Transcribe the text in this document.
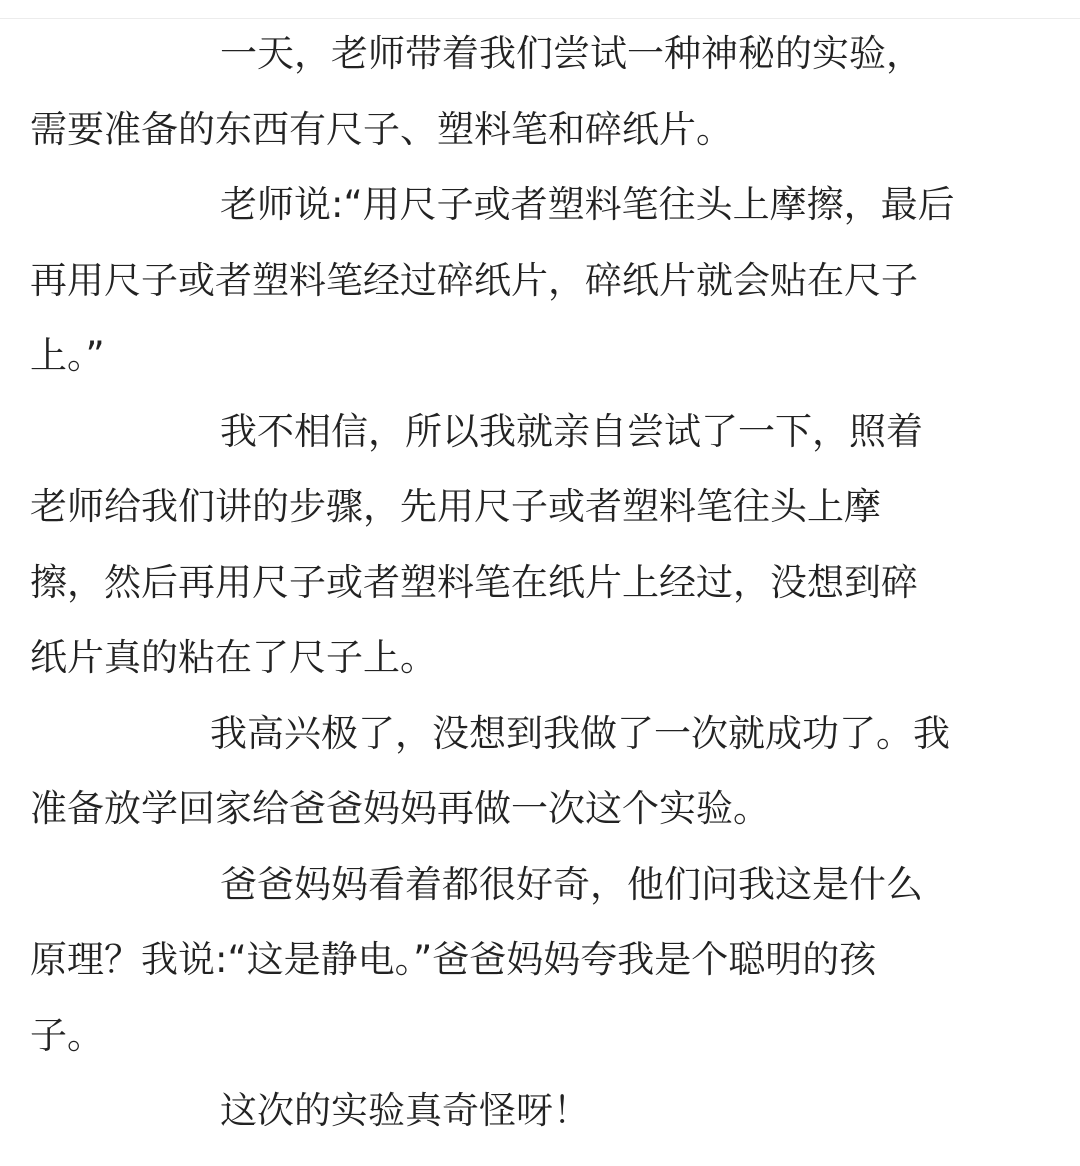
一天，老师带着我们尝试一种神秘的实验，
需要准备的东西有尺子、塑料笔和碎纸片。
老师说:“用尺子或者塑料笔往头上摩擦，最后
再用尺子或者塑料笔经过碎纸片，碎纸片就会贴在尺子
上。”
我不相信，所以我就亲自尝试了一下，照着
老师给我们讲的步骤，先用尺子或者塑料笔往头上摩
擦，然后再用尺子或者塑料笔在纸片上经过，没想到碎
纸片真的粘在了尺子上。
我高兴极了，没想到我做了一次就成功了。我
准备放学回家给爸爸妈妈再做一次这个实验。
爸爸妈妈看着都很好奇，他们问我这是什么
原理？我说:“这是静电。”爸爸妈妈夸我是个聪明的孩
子。
这次的实验真奇怪呀！
